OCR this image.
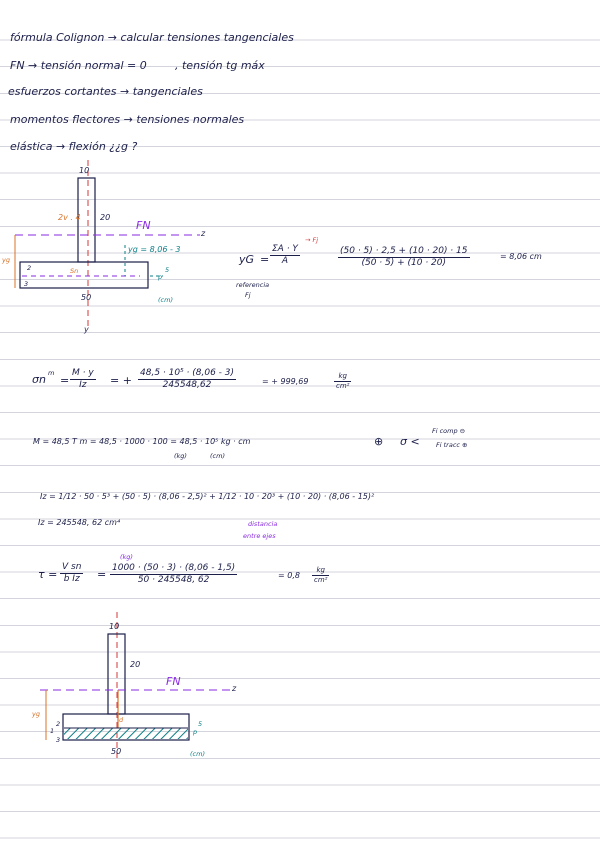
fórmula Colignon → calcular tensiones tangenciales
FN → tensión normal = 0	, tensión tg máx
esfuerzos cortantes → tangenciales
momentos flectores → tensiones normales
elástica → flexión ¿¿g ?
10
2v . 4 20
FN
z
yg = 8,06 - 3
yg
2	Sn
p
5
3
50	(cm)
y
yG = $\frac{\Sigma A \cdot Y}{A}$
→ Fj
referencia
Fj
$\frac{(50 \cdot 5) \cdot 2,5 + (10 \cdot 20) \cdot 15}{(50 \cdot 5) + (10 \cdot 20)}$	= 8,06 cm
σn m
= $\frac{M \cdot y}{Iz}$ = + $\frac{\text{48,5 · 10⁵ · (8,06 - 3)}}{245548,62}$	= + 999,69	$\frac{kg}{\text{cm²}}$
M = 48,5 T m = 48,5 · 1000 · 100 = 48,5 · 10⁵ kg · cm	⊕
(kg)	(cm)
σ <
Fi comp ⊖
Fi tracc ⊕
Iz = 1/12 · 50 · 5³ + (50 · 5) · (8,06 - 2,5)² + 1/12 · 10 · 20³ + (10 · 20) · (8,06 - 15)²
Iz = 245548, 62 cm⁴	distancia
entre ejes
$\tau = \frac{\text{V sn}}{\text{b Iz}}$ =
(kg)
$\frac{1000 \cdot (50 \cdot 3) \cdot (8,06 - 1,5)}{50 \cdot 245548, 62}$	= $0,8 \frac{kg}{\text{cm²}}$
10
20
FN
z
yg
2
1
d
p
5
3
50	(cm)
